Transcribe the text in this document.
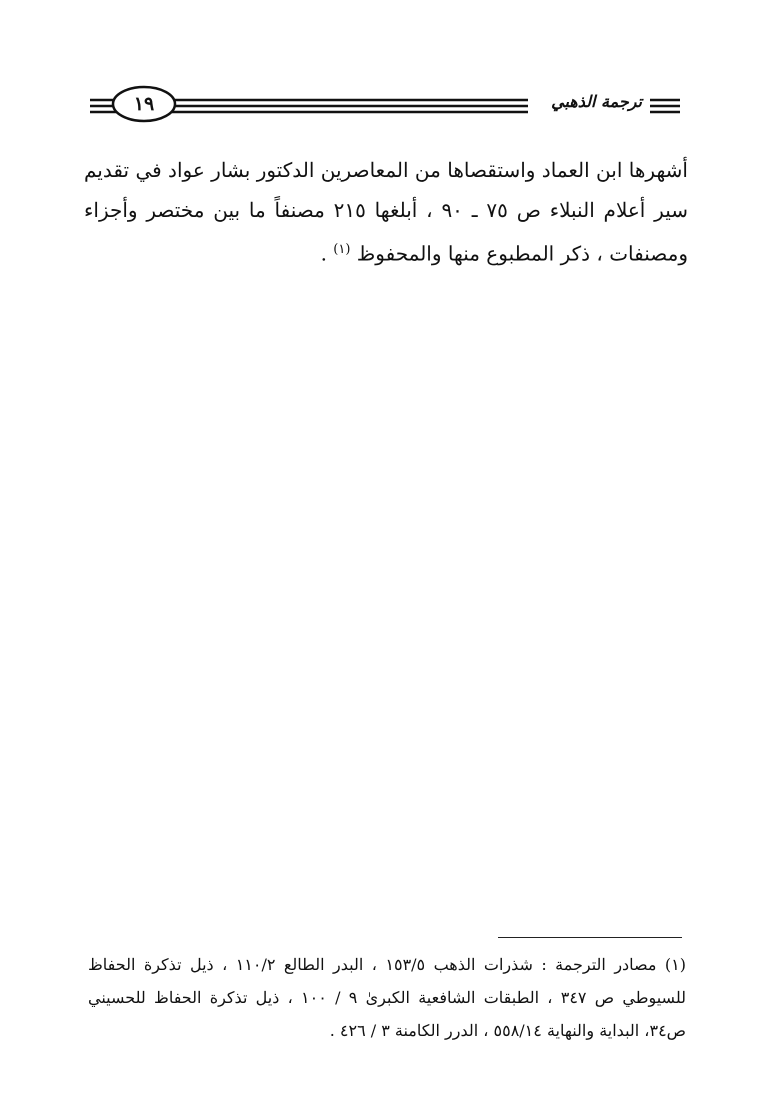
١٩	ترجمة الذهبي

أشهرها ابن العماد واستقصاها من المعاصرين الدكتور بشار عواد في تقديم سير أعلام النبلاء ص ٧٥ ـ ٩٠ ، أبلغها ٢١٥ مصنفاً ما بين مختصر وأجزاء ومصنفات ، ذكر المطبوع منها والمحفوظ $^{(١)}$ .

(١) مصادر الترجمة : شذرات الذهب ١٥٣/٥ ، البدر الطالع ١١٠/٢ ، ذيل تذكرة الحفاظ للسيوطي ص ٣٤٧ ، الطبقات الشافعية الكبرىٰ ٩ / ١٠٠ ، ذيل تذكرة الحفاظ للحسيني ص٣٤، البداية والنهاية ٥٥٨/١٤ ، الدرر الكامنة ٣ / ٤٢٦ .
